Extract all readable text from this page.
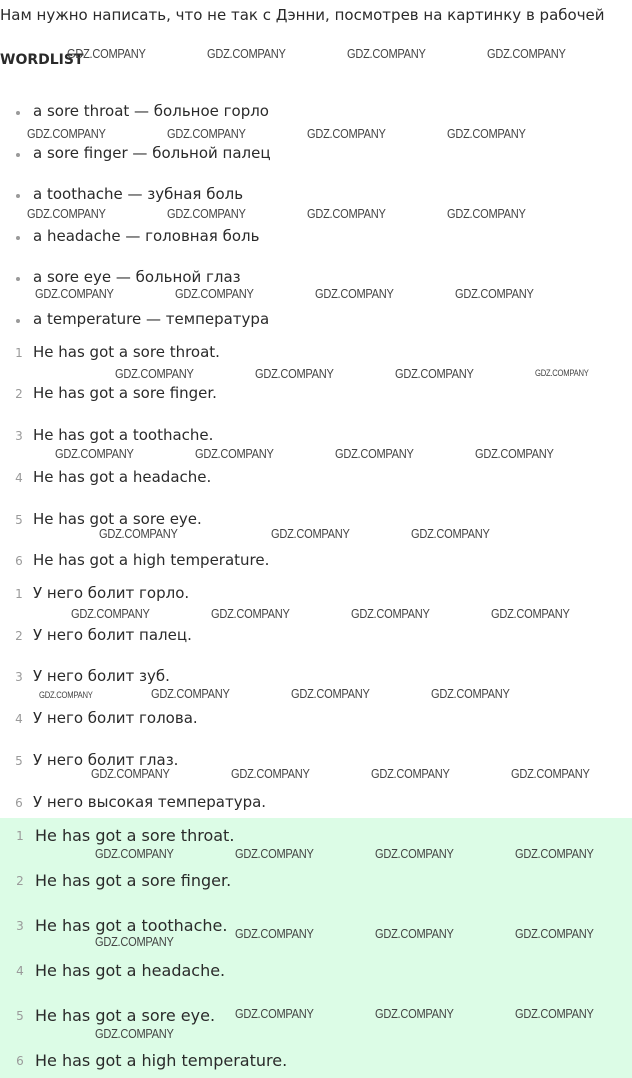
Нам нужно написать, что не так с Дэнни, посмотрев на картинку в рабочей
WORDLIST
a sore throat — больное горло
a sore finger — больной палец
a toothache — зубная боль
a headache — головная боль
a sore eye — больной глаз
a temperature — температура
1 He has got a sore throat.
2 He has got a sore finger.
3 He has got a toothache.
4 He has got a headache.
5 He has got a sore eye.
6 He has got a high temperature.
1 У него болит горло.
2 У него болит палец.
3 У него болит зуб.
4 У него болит голова.
5 У него болит глаз.
6 У него высокая температура.
1 He has got a sore throat.
2 He has got a sore finger.
3 He has got a toothache.
4 He has got a headache.
5 He has got a sore eye.
6 He has got a high temperature.
GDZ.COMPANY	GDZ.COMPANY	GDZ.COMPANY	GDZ.COMPANY
GDZ.COMPANY	GDZ.COMPANY	GDZ.COMPANY	GDZ.COMPANY
GDZ.COMPANY	GDZ.COMPANY	GDZ.COMPANY	GDZ.COMPANY
GDZ.COMPANY	GDZ.COMPANY	GDZ.COMPANY	GDZ.COMPANY
GDZ.COMPANY	GDZ.COMPANY	GDZ.COMPANY	GDZ.COMPANY
GDZ.COMPANY	GDZ.COMPANY	GDZ.COMPANY	GDZ.COMPANY
GDZ.COMPANY	GDZ.COMPANY	GDZ.COMPANY
GDZ.COMPANY	GDZ.COMPANY	GDZ.COMPANY	GDZ.COMPANY
GDZ.COMPANY	GDZ.COMPANY	GDZ.COMPANY	GDZ.COMPANY
GDZ.COMPANY	GDZ.COMPANY	GDZ.COMPANY	GDZ.COMPANY
GDZ.COMPANY	GDZ.COMPANY	GDZ.COMPANY	GDZ.COMPANY
GDZ.COMPANY
GDZ.COMPANY	GDZ.COMPANY	GDZ.COMPANY
GDZ.COMPANY	GDZ.COMPANY	GDZ.COMPANY
GDZ.COMPANY
